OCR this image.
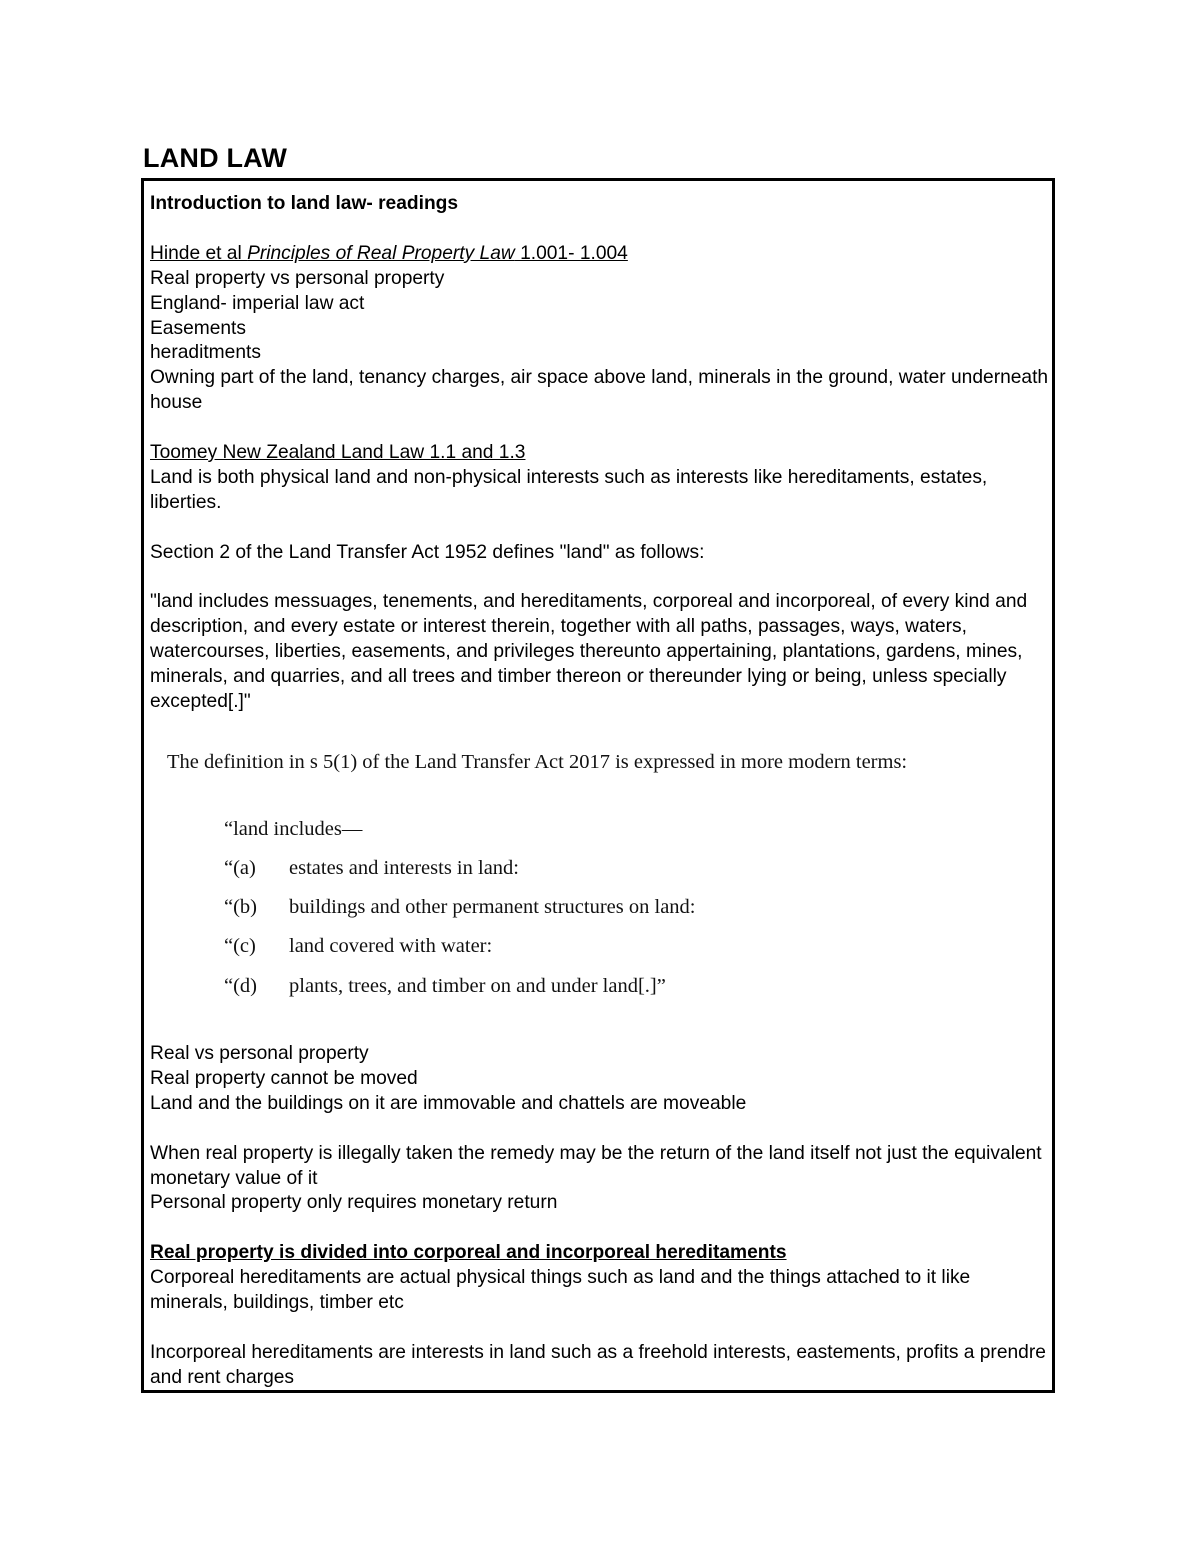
LAND LAW

Introduction to land law- readings

Hinde et al Principles of Real Property Law 1.001- 1.004

Real property vs personal property

England- imperial law act

Easements

heraditments

Owning part of the land, tenancy charges, air space above land, minerals in the ground, water underneath house

Toomey New Zealand Land Law 1.1 and 1.3

Land is both physical land and non-physical interests such as interests like hereditaments, estates, liberties.

Section 2 of the Land Transfer Act 1952 defines "land" as follows:

"land includes messuages, tenements, and hereditaments, corporeal and incorporeal, of every kind and description, and every estate or interest therein, together with all paths, passages, ways, waters, watercourses, liberties, easements, and privileges thereunto appertaining, plantations, gardens, mines, minerals, and quarries, and all trees and timber thereon or thereunder lying or being, unless specially excepted[.]"

The definition in s 5(1) of the Land Transfer Act 2017 is expressed in more modern terms:

“land includes—

“(a) estates and interests in land:

“(b) buildings and other permanent structures on land:

“(c) land covered with water:

“(d) plants, trees, and timber on and under land[.]”

Real vs personal property

Real property cannot be moved

Land and the buildings on it are immovable and chattels are moveable

When real property is illegally taken the remedy may be the return of the land itself not just the equivalent monetary value of it

Personal property only requires monetary return

Real property is divided into corporeal and incorporeal hereditaments

Corporeal hereditaments are actual physical things such as land and the things attached to it like minerals, buildings, timber etc

Incorporeal hereditaments are interests in land such as a freehold interests, eastements, profits a prendre and rent charges
